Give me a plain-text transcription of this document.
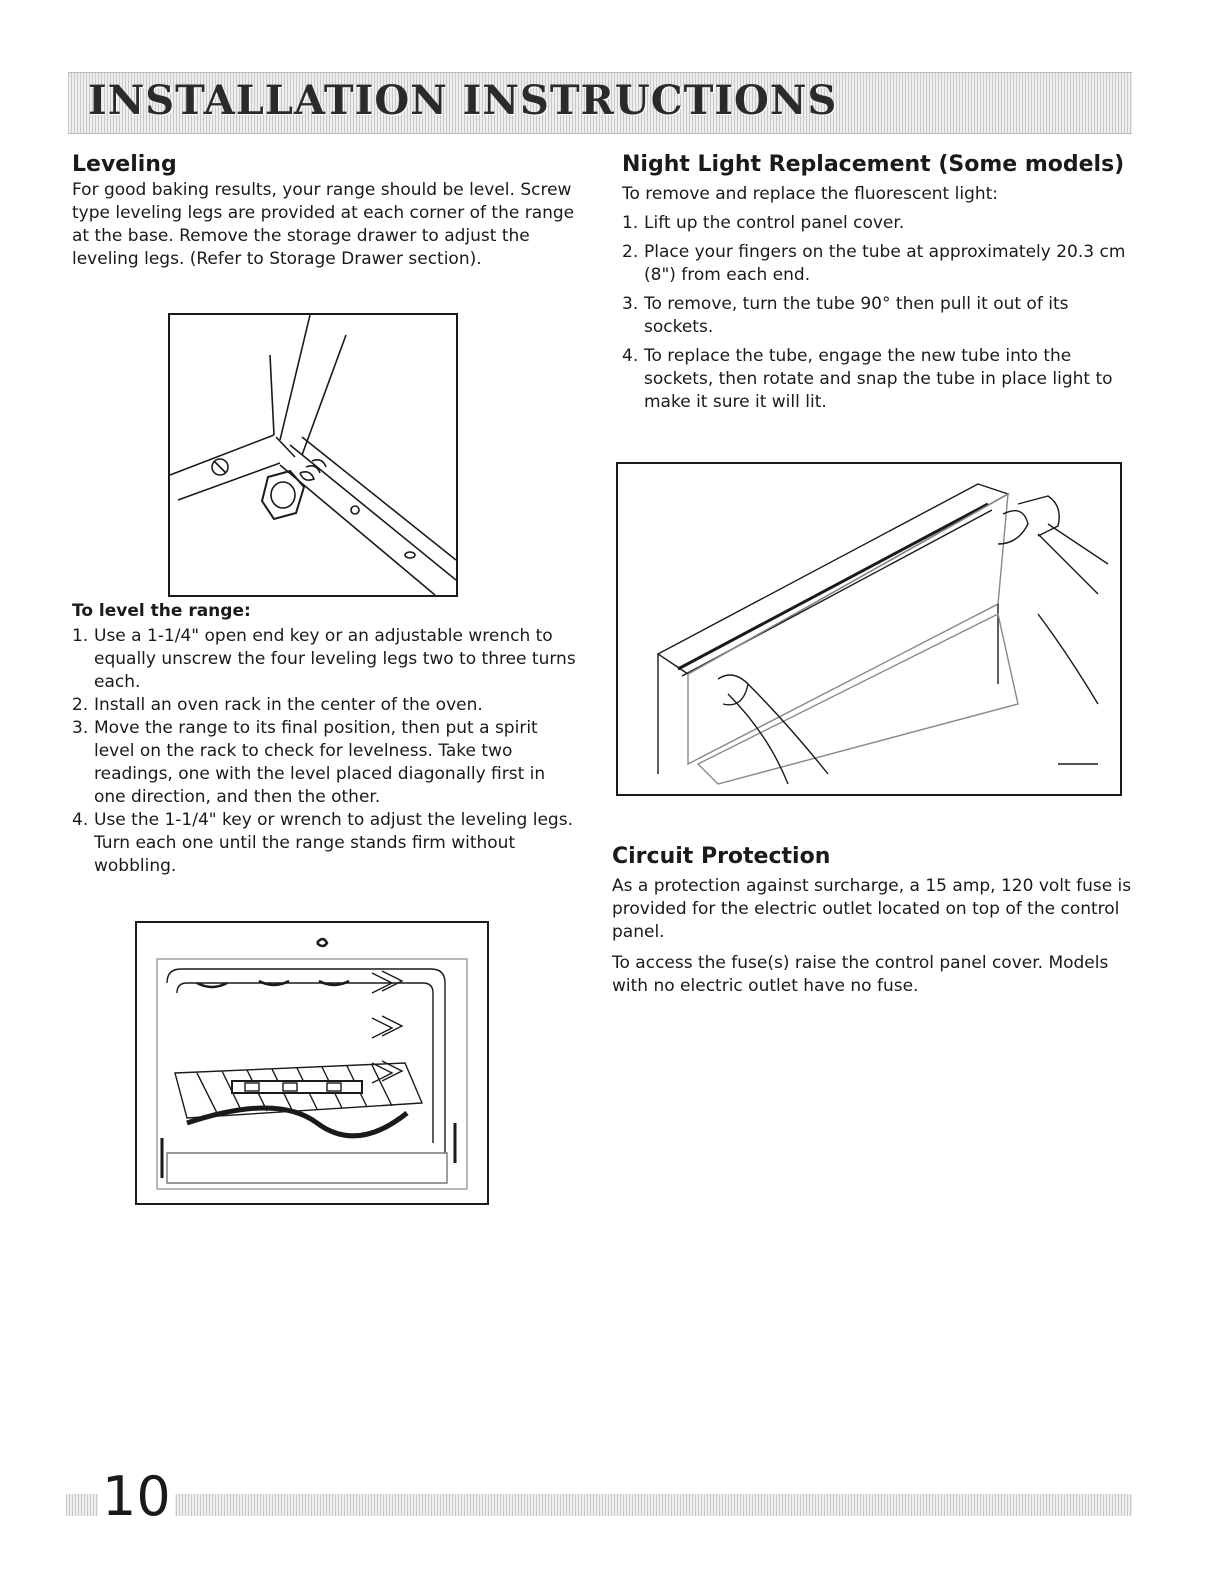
INSTALLATION INSTRUCTIONS
Leveling

For good baking results, your range should be level. Screw type leveling legs are provided at each corner of the range at the base. Remove the storage drawer to adjust the leveling legs. (Refer to Storage Drawer section).

To level the range:
1. Use a 1-1/4" open end key or an adjustable wrench to equally unscrew the four leveling legs two to three turns each.
2. Install an oven rack in the center of the oven.
3. Move the range to its final position, then put a spirit level on the rack to check for levelness. Take two readings, one with the level placed diagonally first in one direction, and then the other.
4. Use the 1-1/4" key or wrench to adjust the leveling legs. Turn each one until the range stands firm without wobbling.
Night Light Replacement (Some models)

To remove and replace the fluorescent light:

1. Lift up the control panel cover.
2. Place your fingers on the tube at approximately 20.3 cm (8") from each end.
3. To remove, turn the tube 90° then pull it out of its sockets.
4. To replace the tube, engage the new tube into the sockets, then rotate and snap the tube in place light to make it sure it will lit.
Circuit Protection

As a protection against surcharge, a 15 amp, 120 volt fuse is provided for the electric outlet located on top of the control panel.

To access the fuse(s) raise the control panel cover. Models with no electric outlet have no fuse.

10
